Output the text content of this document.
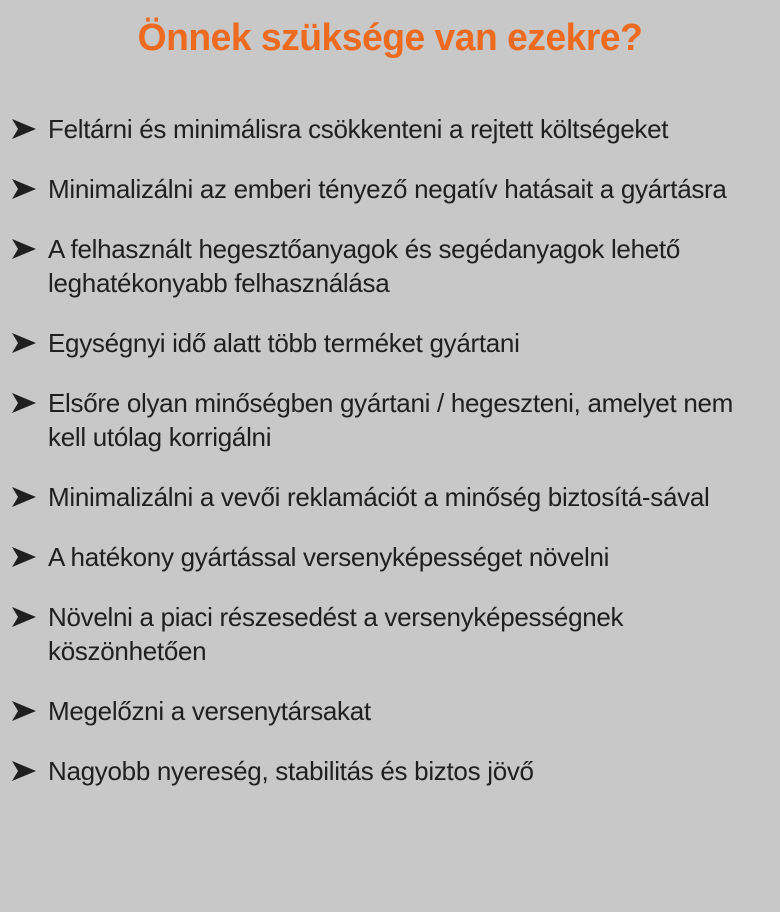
Önnek szüksége van ezekre?
Feltárni és minimálisra csökkenteni a rejtett költségeket
Minimalizálni az emberi tényező negatív hatásait a gyártásra
A felhasznált hegesztőanyagok és segédanyagok lehető leghatékonyabb felhasználása
Egységnyi idő alatt több terméket gyártani
Elsőre olyan minőségben gyártani / hegeszteni, amelyet nem kell utólag korrigálni
Minimalizálni a vevői reklamációt a minőség biztosítá-sával
A hatékony gyártással versenyképességet növelni
Növelni a piaci részesedést a versenyképességnek köszönhetően
Megelőzni a versenytársakat
Nagyobb nyereség, stabilitás és biztos jövő
